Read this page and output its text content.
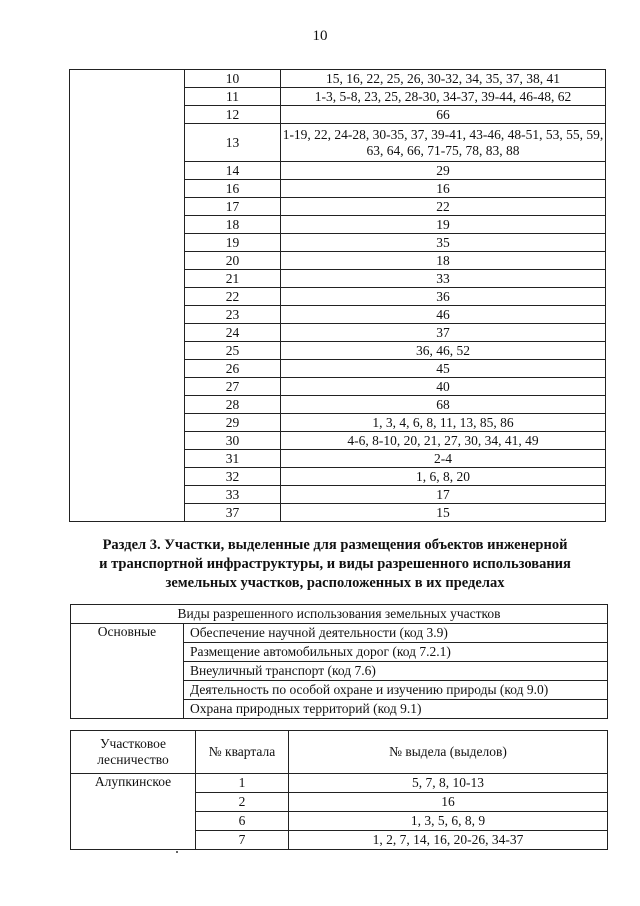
10
	10	15, 16, 22, 25, 26, 30-32, 34, 35, 37, 38, 41
	11	1-3, 5-8, 23, 25, 28-30, 34-37, 39-44, 46-48, 62
	12	66
	13	1-19, 22, 24-28, 30-35, 37, 39-41, 43-46, 48-51, 53, 55, 59, 63, 64, 66, 71-75, 78, 83, 88
	14	29
	16	16
	17	22
	18	19
	19	35
	20	18
	21	33
	22	36
	23	46
	24	37
	25	36, 46, 52
	26	45
	27	40
	28	68
	29	1, 3, 4, 6, 8, 11, 13, 85, 86
	30	4-6, 8-10, 20, 21, 27, 30, 34, 41, 49
	31	2-4
	32	1, 6, 8, 20
	33	17
	37	15
Раздел 3. Участки, выделенные для размещения объектов инженерной
и транспортной инфраструктуры, и виды разрешенного использования
земельных участков, расположенных в их пределах
Виды разрешенного использования земельных участков
Основные	Обеспечение научной деятельности (код 3.9)
Размещение автомобильных дорог (код 7.2.1)
Внеуличный транспорт (код 7.6)
Деятельность по особой охране и изучению природы (код 9.0)
Охрана природных территорий (код 9.1)
Участковое лесничество	№ квартала	№ выдела (выделов)
Алупкинское	1	5, 7, 8, 10-13
	2	16
	6	1, 3, 5, 6, 8, 9
	7	1, 2, 7, 14, 16, 20-26, 34-37
